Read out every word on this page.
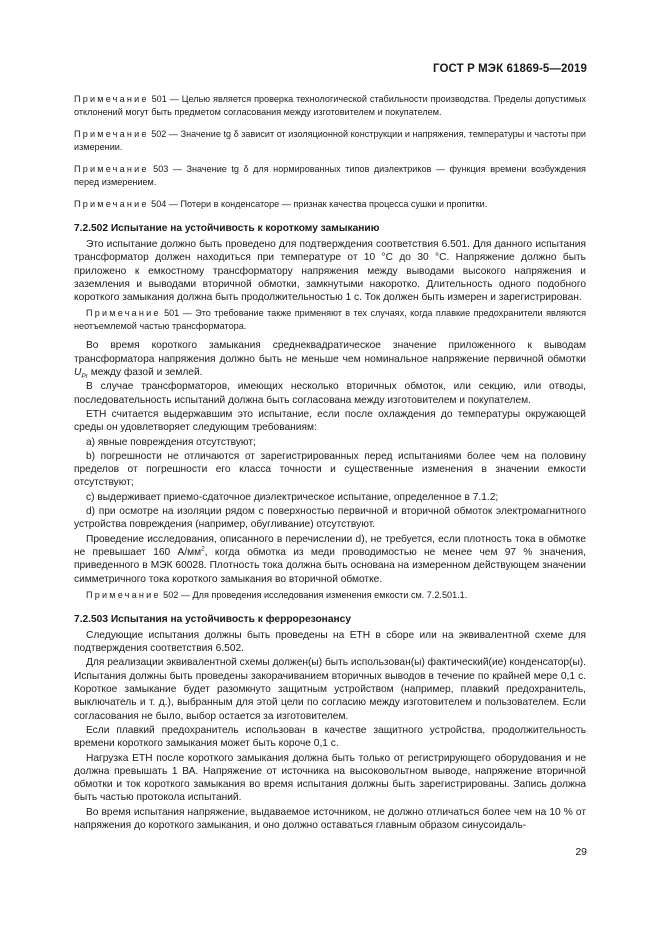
ГОСТ Р МЭК 61869-5—2019

Примечание 501 — Целью является проверка технологической стабильности производства. Пределы допустимых отклонений могут быть предметом согласования между изготовителем и покупателем.

Примечание 502 — Значение tg δ зависит от изоляционной конструкции и напряжения, температуры и частоты при измерении.

Примечание 503 — Значение tg δ для нормированных типов диэлектриков — функция времени возбуждения перед измерением.

Примечание 504 — Потери в конденсаторе — признак качества процесса сушки и пропитки.

7.2.502 Испытание на устойчивость к короткому замыканию

Это испытание должно быть проведено для подтверждения соответствия 6.501. Для данного испытания трансформатор должен находиться при температуре от 10 °C до 30 °C. Напряжение должно быть приложено к емкостному трансформатору напряжения между выводами высокого напряжения и заземления и выводами вторичной обмотки, замкнутыми накоротко. Длительность одного подобного короткого замыкания должна быть продолжительностью 1 с. Ток должен быть измерен и зарегистрирован.

Примечание 501 — Это требование также применяют в тех случаях, когда плавкие предохранители являются неотъемлемой частью трансформатора.

Во время короткого замыкания среднеквадратическое значение приложенного к выводам трансформатора напряжения должно быть не меньше чем номинальное напряжение первичной обмотки $U_{Pr}$ между фазой и землей.

В случае трансформаторов, имеющих несколько вторичных обмоток, или секцию, или отводы, последовательность испытаний должна быть согласована между изготовителем и покупателем.

ЕТН считается выдержавшим это испытание, если после охлаждения до температуры окружающей среды он удовлетворяет следующим требованиям:

а) явные повреждения отсутствуют;

b) погрешности не отличаются от зарегистрированных перед испытаниями более чем на половину пределов от погрешности его класса точности и существенные изменения в значении емкости отсутствуют;

c) выдерживает приемо-сдаточное диэлектрическое испытание, определенное в 7.1.2;

d) при осмотре на изоляции рядом с поверхностью первичной и вторичной обмоток электромагнитного устройства повреждения (например, обугливание) отсутствуют.

Проведение исследования, описанного в перечислении d), не требуется, если плотность тока в обмотке не превышает 160 $А/мм^2$, когда обмотка из меди проводимостью не менее чем 97 % значения, приведенного в МЭК 60028. Плотность тока должна быть основана на измеренном действующем значении симметричного тока короткого замыкания во вторичной обмотке.

Примечание 502 — Для проведения исследования изменения емкости см. 7.2.501.1.

7.2.503 Испытания на устойчивость к феррорезонансу

Следующие испытания должны быть проведены на ЕТН в сборе или на эквивалентной схеме для подтверждения соответствия 6.502.

Для реализации эквивалентной схемы должен(ы) быть использован(ы) фактический(ие) конденсатор(ы). Испытания должны быть проведены закорачиванием вторичных выводов в течение по крайней мере 0,1 с. Короткое замыкание будет разомкнуто защитным устройством (например, плавкий предохранитель, выключатель и т. д.), выбранным для этой цели по согласию между изготовителем и пользователем. Если согласования не было, выбор остается за изготовителем.

Если плавкий предохранитель использован в качестве защитного устройства, продолжительность времени короткого замыкания может быть короче 0,1 с.

Нагрузка ЕТН после короткого замыкания должна быть только от регистрирующего оборудования и не должна превышать 1 ВА. Напряжение от источника на высоковольтном выводе, напряжение вторичной обмотки и ток короткого замыкания во время испытания должны быть зарегистрированы. Запись должна быть частью протокола испытаний.

Во время испытания напряжение, выдаваемое источником, не должно отличаться более чем на 10 % от напряжения до короткого замыкания, и оно должно оставаться главным образом синусоидаль-

29
